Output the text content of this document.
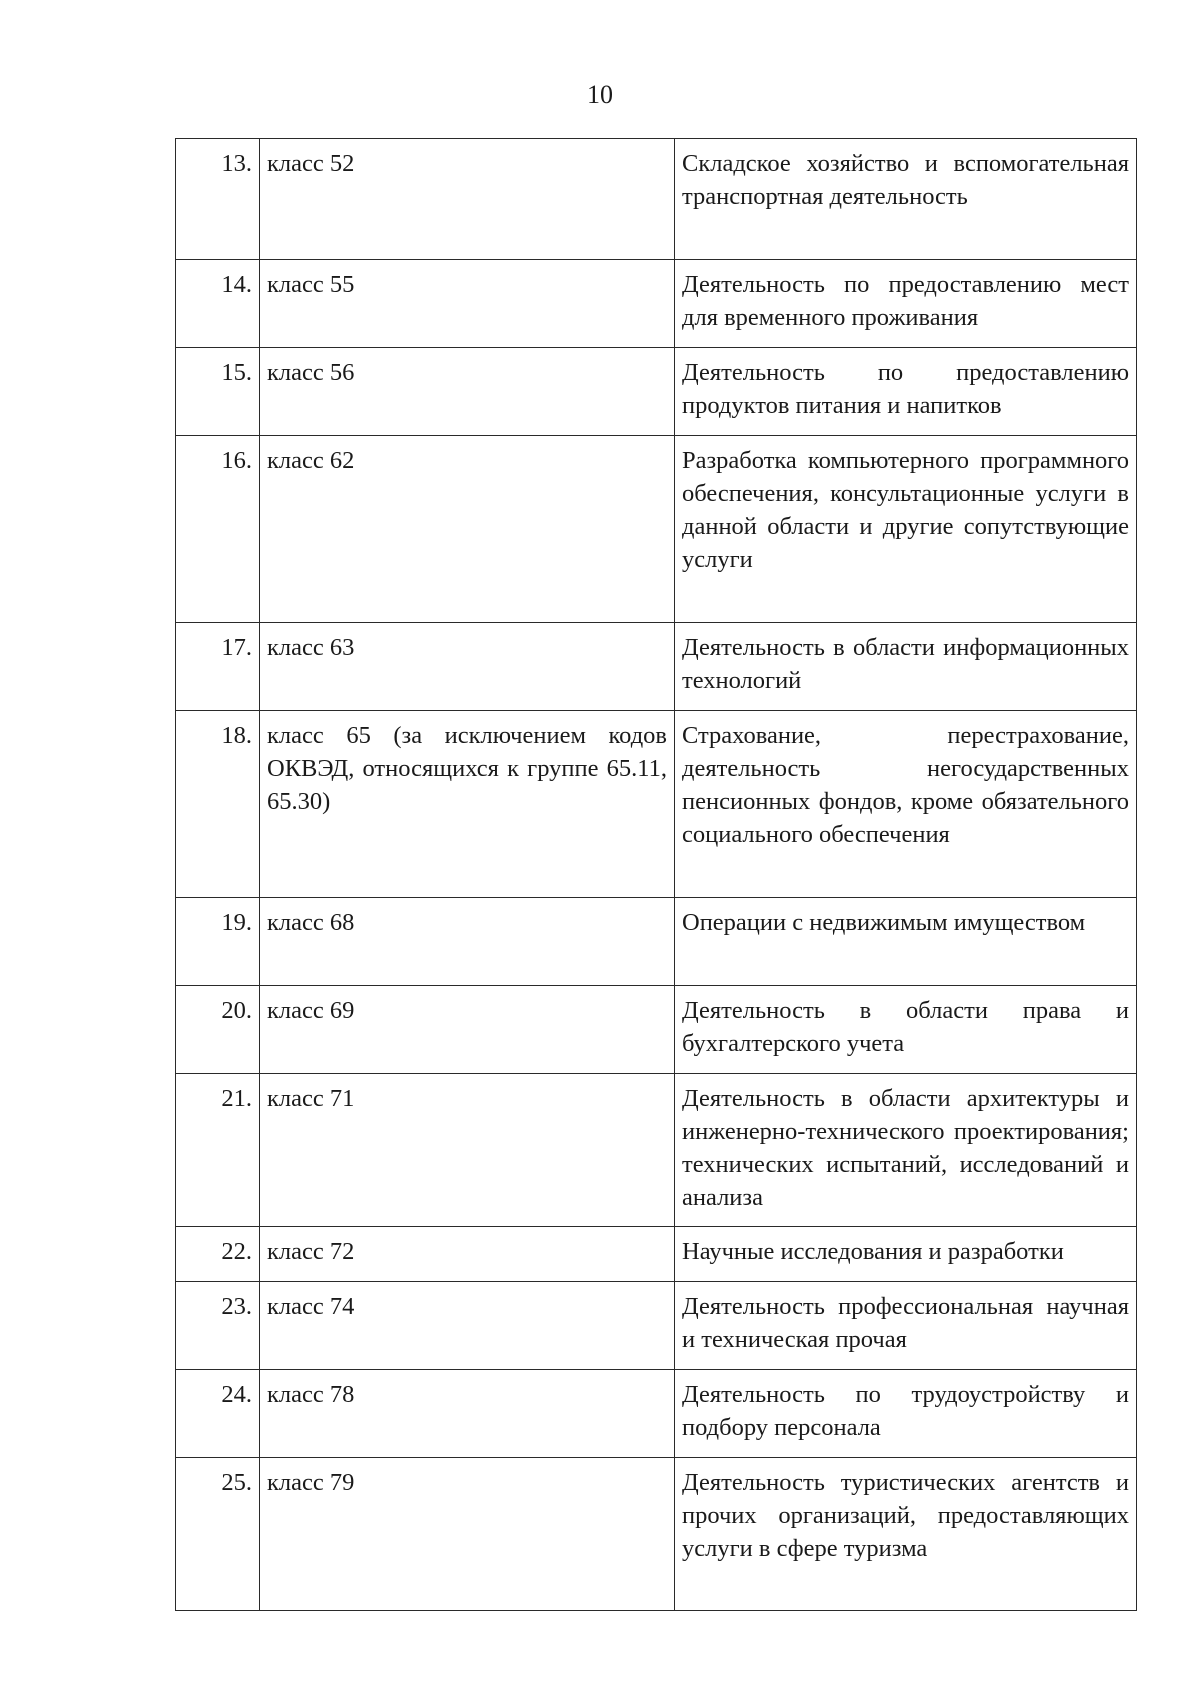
10
13.	класс 52	Складское хозяйство и вспомогательная транспортная деятельность
14.	класс 55	Деятельность по предоставлению мест для временного проживания
15.	класс 56	Деятельность по предоставлению продуктов питания и напитков
16.	класс 62	Разработка компьютерного программного обеспечения, консультационные услуги в данной области и другие сопутствующие услуги
17.	класс 63	Деятельность в области информационных технологий
18.	класс 65 (за исключением кодов ОКВЭД, относящихся к группе 65.11, 65.30)	Страхование, перестрахование, деятельность негосударственных пенсионных фондов, кроме обязательного социального обеспечения
19.	класс 68	Операции с недвижимым имуществом
20.	класс 69	Деятельность в области права и бухгалтерского учета
21.	класс 71	Деятельность в области архитектуры и инженерно-технического проектирования; технических испытаний, исследований и анализа
22.	класс 72	Научные исследования и разработки
23.	класс 74	Деятельность профессиональная научная и техническая прочая
24.	класс 78	Деятельность по трудоустройству и подбору персонала
25.	класс 79	Деятельность туристических агентств и прочих организаций, предоставляющих услуги в сфере туризма
